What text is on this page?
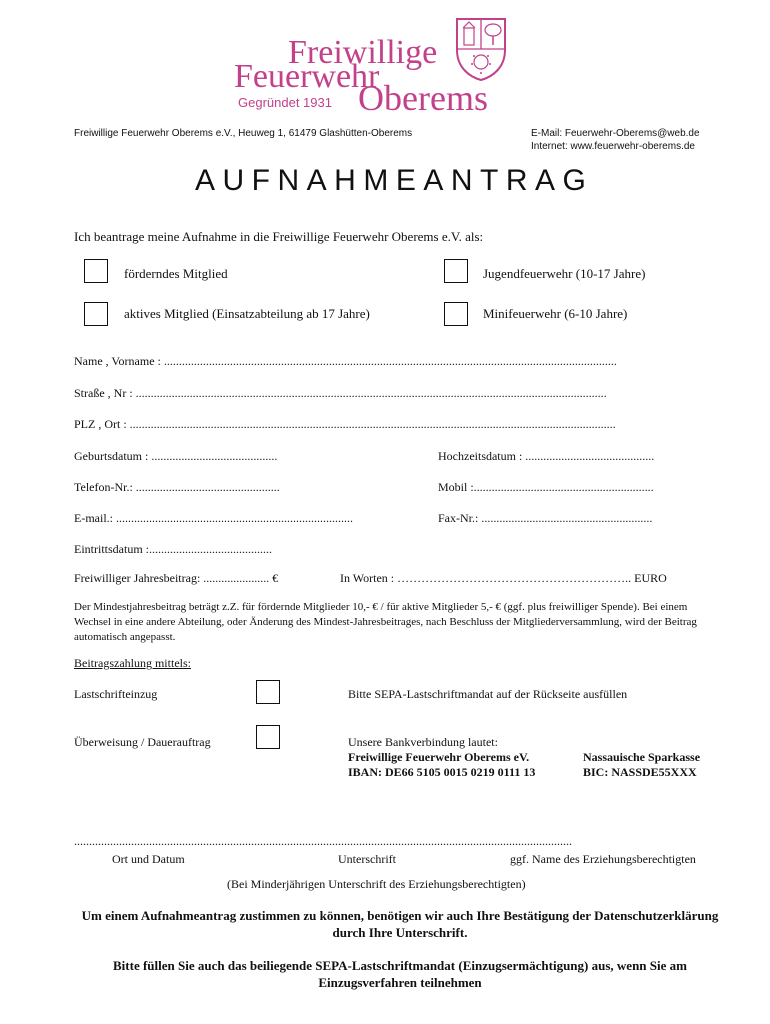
Freiwillige
Feuerwehr
Oberems
Gegründet 1931
Freiwillige Feuerwehr Oberems e.V., Heuweg 1, 61479 Glashütten-Oberems	E-Mail: Feuerwehr-Oberems@web.de
Internet: www.feuerwehr-oberems.de
AUFNAHMEANTRAG
Ich beantrage meine Aufnahme in die Freiwillige Feuerwehr Oberems e.V. als:
förderndes Mitglied	Jugendfeuerwehr (10-17 Jahre)
aktives Mitglied (Einsatzabteilung ab 17 Jahre)	Minifeuerwehr (6-10 Jahre)
Name , Vorname : .......................................................................................................................................................
Straße , Nr : .............................................................................................................................................................
PLZ , Ort : ..................................................................................................................................................................
Geburtsdatum : ..........................................	Hochzeitsdatum : ...........................................
Telefon-Nr.: ................................................	Mobil :............................................................
E-mail.: ...............................................................................	Fax-Nr.: .........................................................
Eintrittsdatum :.........................................
Freiwilliger Jahresbeitrag: ...................... €	In Worten : ………………………………………………….. EURO
Der Mindestjahresbeitrag beträgt z.Z. für fördernde Mitglieder 10,- € / für aktive Mitglieder 5,- € (ggf. plus freiwilliger Spende). Bei einem Wechsel in eine andere Abteilung, oder Änderung des Mindest-Jahresbeitrages, nach Beschluss der Mitgliederversammlung, wird der Beitrag automatisch angepasst.
Beitragszahlung mittels:
Lastschrifteinzug	Bitte SEPA-Lastschriftmandat auf der Rückseite ausfüllen
Überweisung / Dauerauftrag	Unsere Bankverbindung lautet:
Freiwillige Feuerwehr Oberems eV.	Nassauische Sparkasse
IBAN: DE66 5105 0015 0219 0111 13	BIC: NASSDE55XXX
......................................................................................................................................................................
Ort und Datum	Unterschrift	ggf. Name des Erziehungsberechtigten
(Bei Minderjährigen Unterschrift des Erziehungsberechtigten)
Um einem Aufnahmeantrag zustimmen zu können, benötigen wir auch Ihre Bestätigung der Datenschutzerklärung durch Ihre Unterschrift.
Bitte füllen Sie auch das beiliegende SEPA-Lastschriftmandat (Einzugsermächtigung) aus, wenn Sie am Einzugsverfahren teilnehmen
